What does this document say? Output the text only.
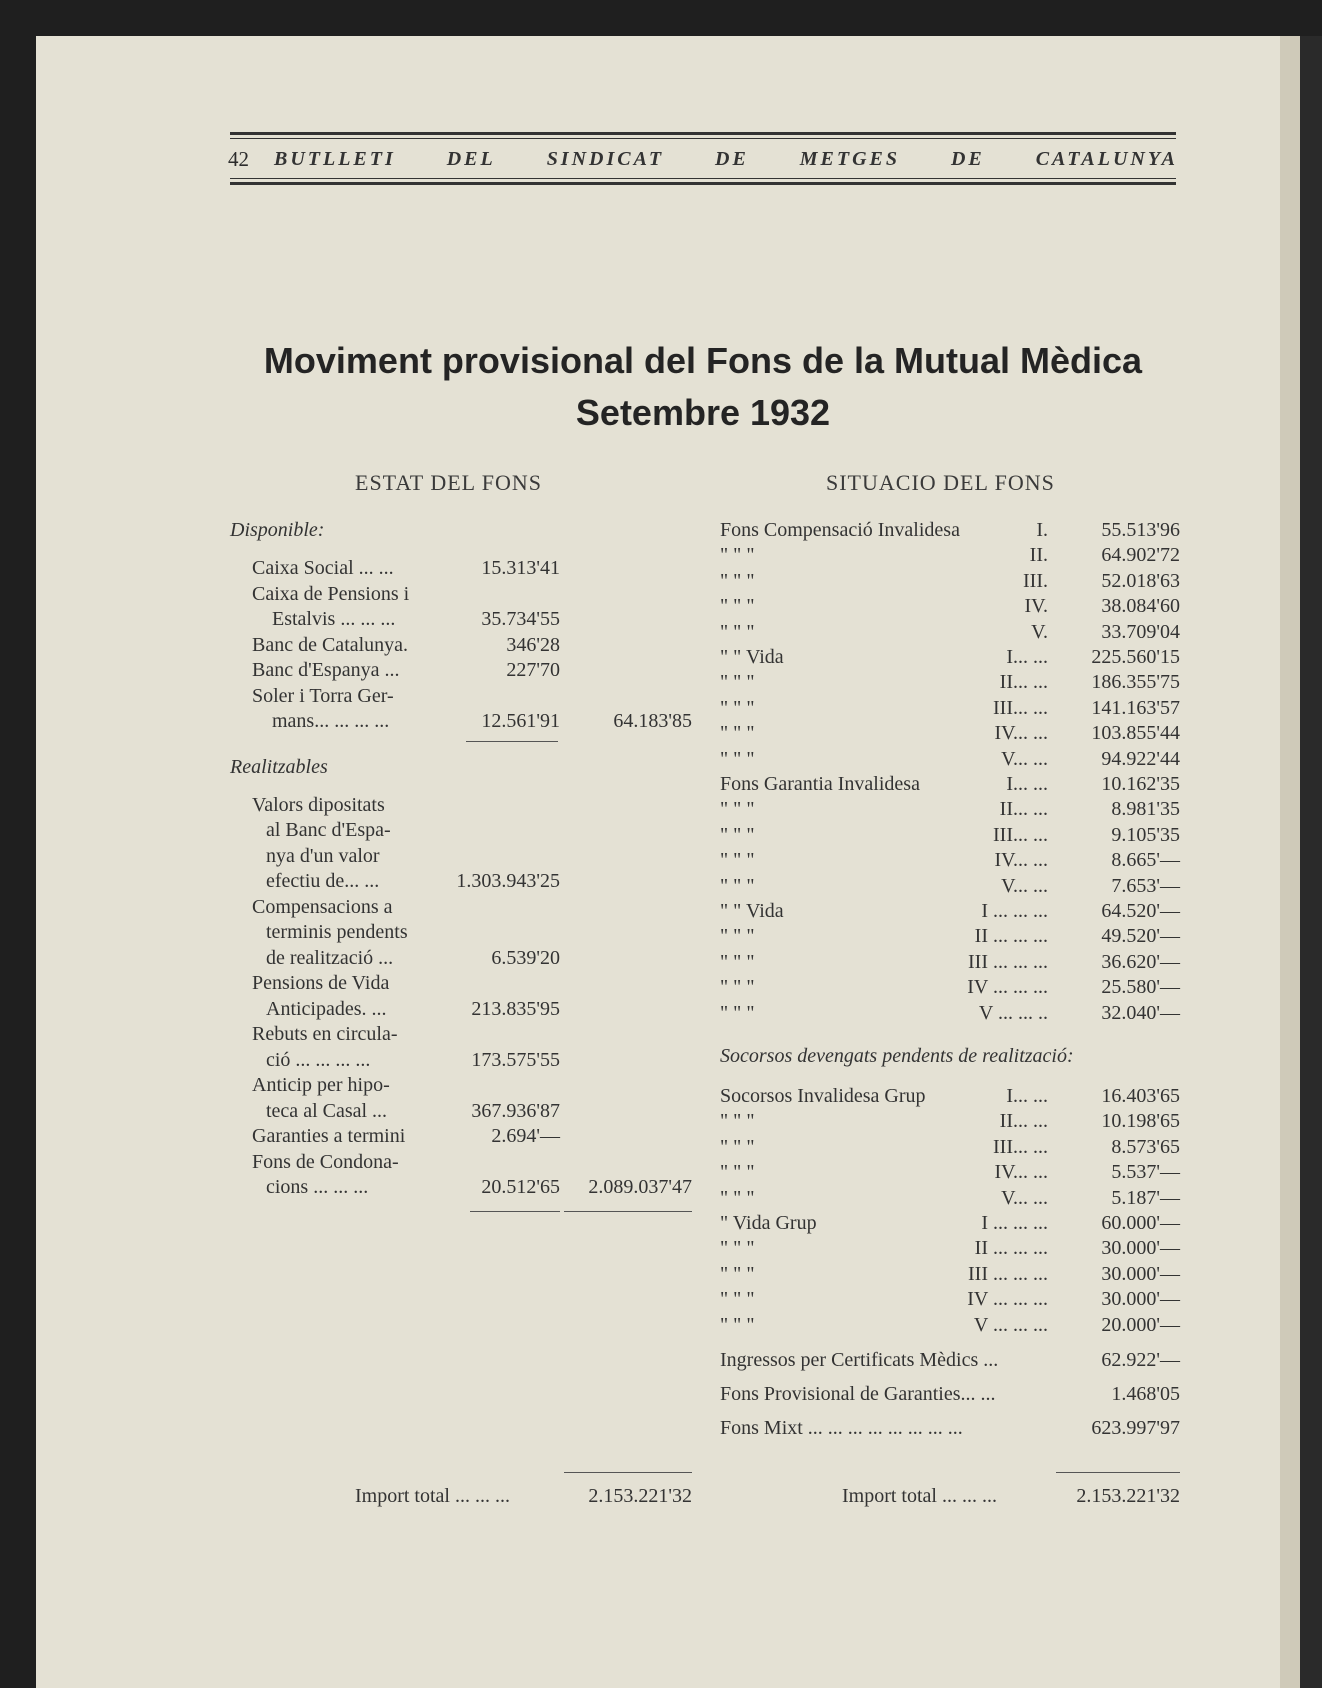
42	BUTLLETI	DEL	SINDICAT	DE	METGES	DE	CATALUNYA
Moviment provisional del Fons de la Mutual Mèdica
Setembre 1932
ESTAT DEL FONS
Disponible:
Caixa Social ... ...	15.313'41
Caixa de Pensions i
Estalvis ... ... ...	35.734'55
Banc de Catalunya.	346'28
Banc d'Espanya ...	227'70
Soler i Torra Ger-
mans... ... ... ...	12.561'91	64.183'85
Realitzables
Valors dipositats
al Banc d'Espa-
nya d'un valor
efectiu de... ...	1.303.943'25
Compensacions a
terminis pendents
de realització ...	6.539'20
Pensions de Vida
Anticipades. ...	213.835'95
Rebuts en circula-
ció ... ... ... ...	173.575'55
Anticip per hipo-
teca al Casal ...	367.936'87
Garanties a termini	2.694'—
Fons de Condona-
cions ... ... ...	20.512'65	2.089.037'47
Import total ... ... ...	2.153.221'32
SITUACIO DEL FONS
Fons Compensació Invalidesa	I.	55.513'96
" " "	II.	64.902'72
" " "	III.	52.018'63
" " "	IV.	38.084'60
" " "	V.	33.709'04
" " Vida	I... ...	225.560'15
" " "	II... ...	186.355'75
" " "	III... ...	141.163'57
" " "	IV... ...	103.855'44
" " "	V... ...	94.922'44
Fons Garantia Invalidesa	I... ...	10.162'35
" " "	II... ...	8.981'35
" " "	III... ...	9.105'35
" " "	IV... ...	8.665'—
" " "	V... ...	7.653'—
" " Vida	I ... ... ...	64.520'—
" " "	II ... ... ...	49.520'—
" " "	III ... ... ...	36.620'—
" " "	IV ... ... ...	25.580'—
" " "	V ... ... ..	32.040'—
Socorsos devengats pendents de realització:
Socorsos Invalidesa Grup	I... ...	16.403'65
" " "	II... ...	10.198'65
" " "	III... ...	8.573'65
" " "	IV... ...	5.537'—
" " "	V... ...	5.187'—
" Vida Grup	I ... ... ...	60.000'—
" " "	II ... ... ...	30.000'—
" " "	III ... ... ...	30.000'—
" " "	IV ... ... ...	30.000'—
" " "	V ... ... ...	20.000'—
Ingressos per Certificats Mèdics ...	62.922'—
Fons Provisional de Garanties... ...	1.468'05
Fons Mixt ... ... ... ... ... ... ... ...	623.997'97
Import total ... ... ...	2.153.221'32
